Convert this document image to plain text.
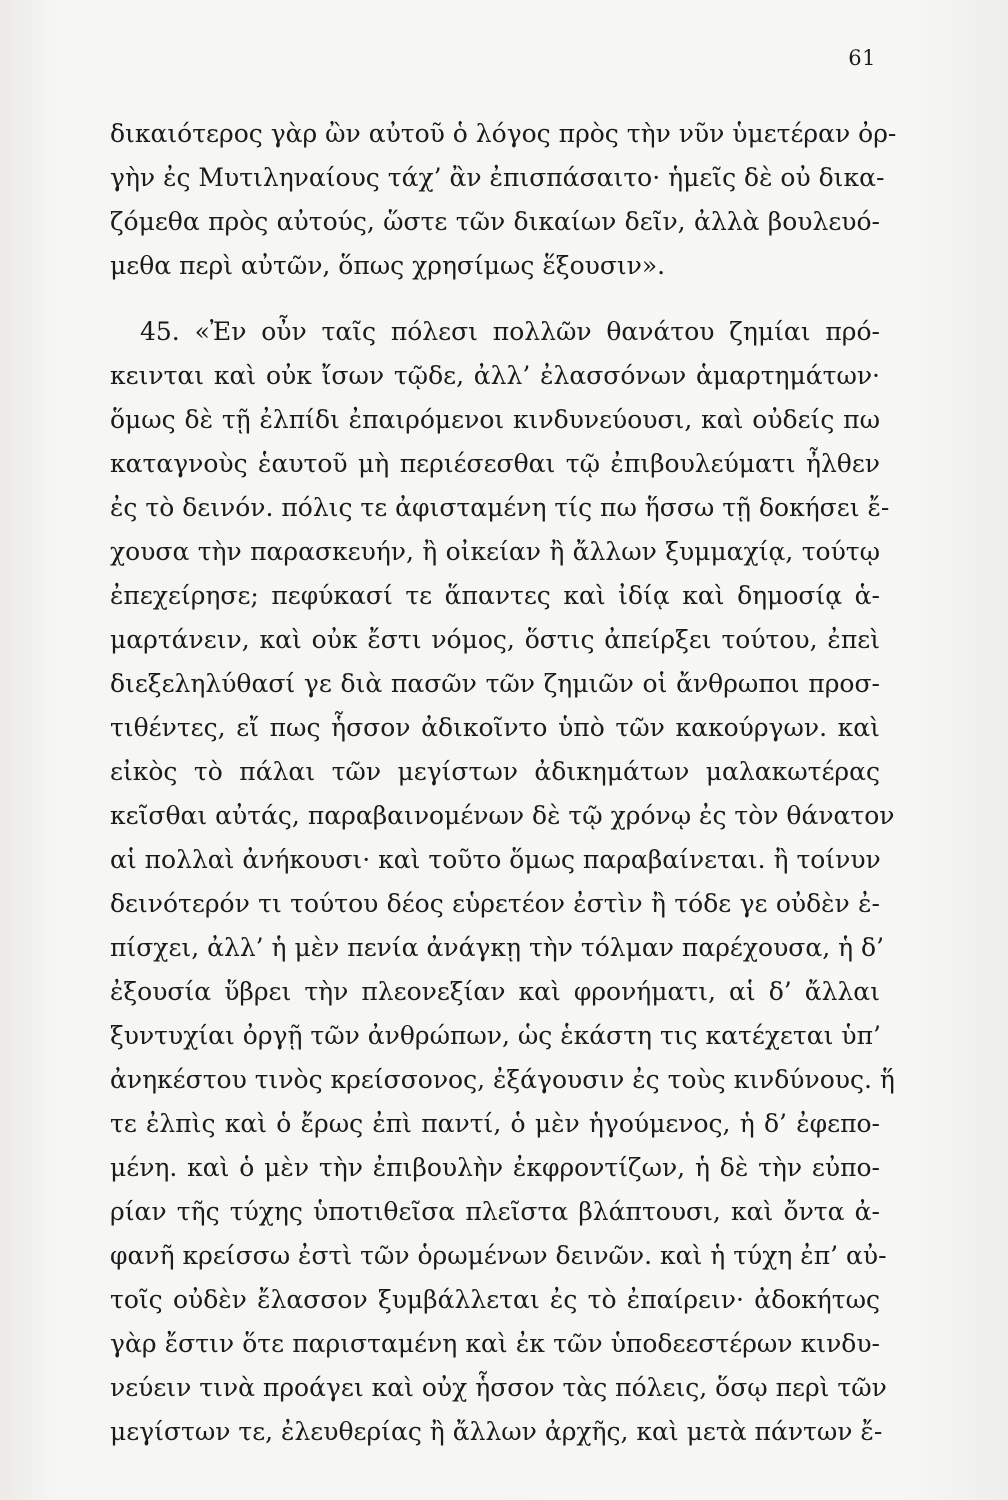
61
δικαιότερος γὰρ ὢν αὐτοῦ ὁ λόγος πρὸς τὴν νῦν ὑμετέραν ὀρ-
γὴν ἐς Μυτιληναίους τάχ’ ἂν ἐπισπάσαιτο· ἡμεῖς δὲ οὐ δικα-
ζόμεθα πρὸς αὐτούς, ὥστε τῶν δικαίων δεῖν, ἀλλὰ βουλευό-
μεθα περὶ αὐτῶν, ὅπως χρησίμως ἕξουσιν».
45. «Ἐν οὖν ταῖς πόλεσι πολλῶν θανάτου ζημίαι πρό-
κεινται καὶ οὐκ ἴσων τῷδε, ἀλλ’ ἐλασσόνων ἁμαρτημάτων·
ὅμως δὲ τῇ ἐλπίδι ἐπαιρόμενοι κινδυνεύουσι, καὶ οὐδείς πω
καταγνοὺς ἑαυτοῦ μὴ περιέσεσθαι τῷ ἐπιβουλεύματι ἦλθεν
ἐς τὸ δεινόν. πόλις τε ἀφισταμένη τίς πω ἥσσω τῇ δοκήσει ἔ-
χουσα τὴν παρασκευήν, ἢ οἰκείαν ἢ ἄλλων ξυμμαχίᾳ, τούτῳ
ἐπεχείρησε; πεφύκασί τε ἅπαντες καὶ ἰδίᾳ καὶ δημοσίᾳ ἁ-
μαρτάνειν, καὶ οὐκ ἔστι νόμος, ὅστις ἀπείρξει τούτου, ἐπεὶ
διεξεληλύθασί γε διὰ πασῶν τῶν ζημιῶν οἱ ἄνθρωποι προσ-
τιθέντες, εἴ πως ἧσσον ἀδικοῖντο ὑπὸ τῶν κακούργων. καὶ
εἰκὸς τὸ πάλαι τῶν μεγίστων ἀδικημάτων μαλακωτέρας
κεῖσθαι αὐτάς, παραβαινομένων δὲ τῷ χρόνῳ ἐς τὸν θάνατον
αἱ πολλαὶ ἀνήκουσι· καὶ τοῦτο ὅμως παραβαίνεται. ἢ τοίνυν
δεινότερόν τι τούτου δέος εὑρετέον ἐστὶν ἢ τόδε γε οὐδὲν ἐ-
πίσχει, ἀλλ’ ἡ μὲν πενία ἀνάγκῃ τὴν τόλμαν παρέχουσα, ἡ δ’
ἐξουσία ὕβρει τὴν πλεονεξίαν καὶ φρονήματι, αἱ δ’ ἄλλαι
ξυντυχίαι ὀργῇ τῶν ἀνθρώπων, ὡς ἑκάστη τις κατέχεται ὑπ’
ἀνηκέστου τινὸς κρείσσονος, ἐξάγουσιν ἐς τοὺς κινδύνους. ἥ
τε ἐλπὶς καὶ ὁ ἔρως ἐπὶ παντί, ὁ μὲν ἡγούμενος, ἡ δ’ ἐφεπο-
μένη. καὶ ὁ μὲν τὴν ἐπιβουλὴν ἐκφροντίζων, ἡ δὲ τὴν εὐπο-
ρίαν τῆς τύχης ὑποτιθεῖσα πλεῖστα βλάπτουσι, καὶ ὄντα ἀ-
φανῆ κρείσσω ἐστὶ τῶν ὁρωμένων δεινῶν. καὶ ἡ τύχη ἐπ’ αὐ-
τοῖς οὐδὲν ἔλασσον ξυμβάλλεται ἐς τὸ ἐπαίρειν· ἀδοκήτως
γὰρ ἔστιν ὅτε παρισταμένη καὶ ἐκ τῶν ὑποδεεστέρων κινδυ-
νεύειν τινὰ προάγει καὶ οὐχ ἧσσον τὰς πόλεις, ὅσῳ περὶ τῶν
μεγίστων τε, ἐλευθερίας ἢ ἄλλων ἀρχῆς, καὶ μετὰ πάντων ἔ-
